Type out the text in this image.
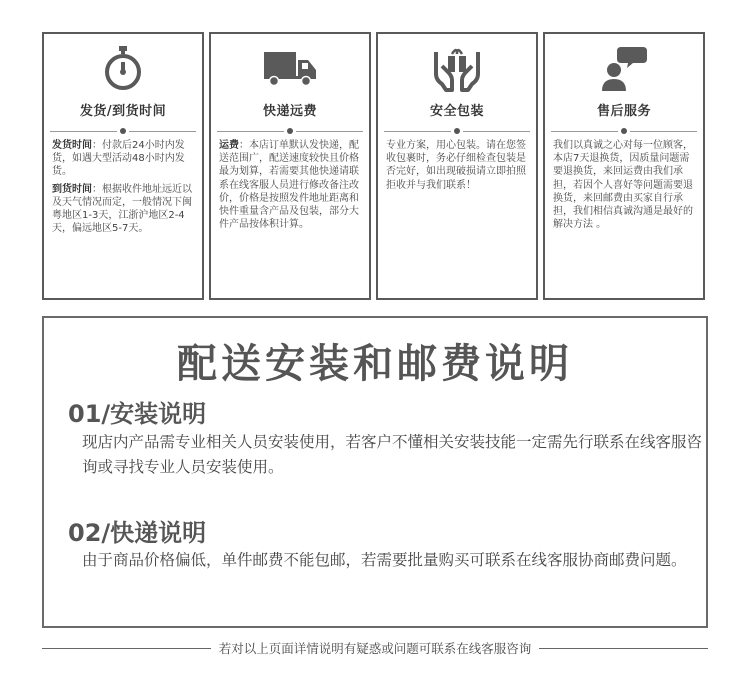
发货/到货时间

发货时间：付款后24小时内发货，如遇大型活动48小时内发货。

到货时间：根据收件地址远近以及天气情况而定，一般情况下闽粤地区1-3天，江浙沪地区2-4天，偏远地区5-7天。

快递远费

运费：本店订单默认发快递，配送范围广，配送速度较快且价格最为划算，若需要其他快递请联系在线客服人员进行修改备注改价，价格是按照发件地址距离和快件重量含产品及包装，部分大件产品按体积计算。

安全包装

专业方案，用心包装。请在您签收包裹时，务必仔细检查包装是否完好，如出现破损请立即拍照拒收并与我们联系！

售后服务

我们以真诚之心对每一位顾客，本店7天退换货，因质量问题需要退换货，来回运费由我们承担，若因个人喜好等问题需要退换货，来回邮费由买家自行承担，我们相信真诚沟通是最好的解决方法 。

配送安装和邮费说明
01/安装说明
现店内产品需专业相关人员安装使用，若客户不懂相关安装技能一定需先行联系在线客服咨询或寻找专业人员安装使用。
02/快递说明
由于商品价格偏低，单件邮费不能包邮，若需要批量购买可联系在线客服协商邮费问题。
若对以上页面详情说明有疑惑或问题可联系在线客服咨询
